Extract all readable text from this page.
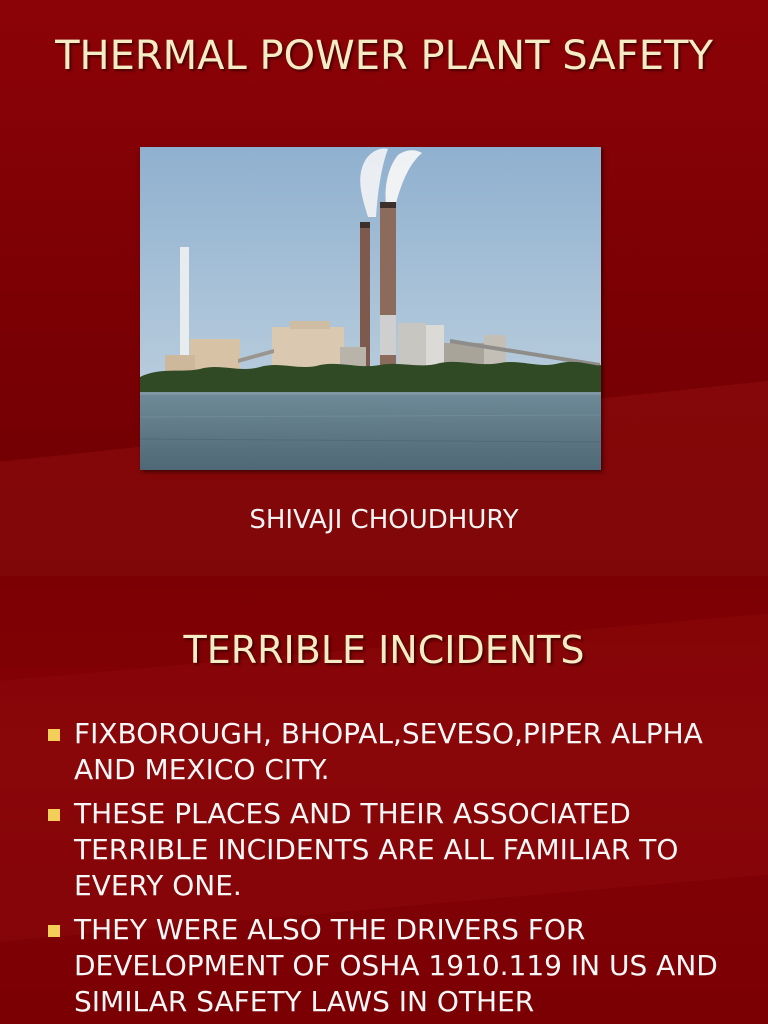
THERMAL POWER PLANT SAFETY
SHIVAJI CHOUDHURY
TERRIBLE INCIDENTS
FIXBOROUGH, BHOPAL,SEVESO,PIPER ALPHA AND MEXICO CITY.
THESE PLACES AND THEIR ASSOCIATED TERRIBLE INCIDENTS ARE ALL FAMILIAR TO EVERY ONE.
THEY WERE ALSO THE DRIVERS FOR DEVELOPMENT OF OSHA 1910.119 IN US AND SIMILAR SAFETY LAWS IN OTHER
